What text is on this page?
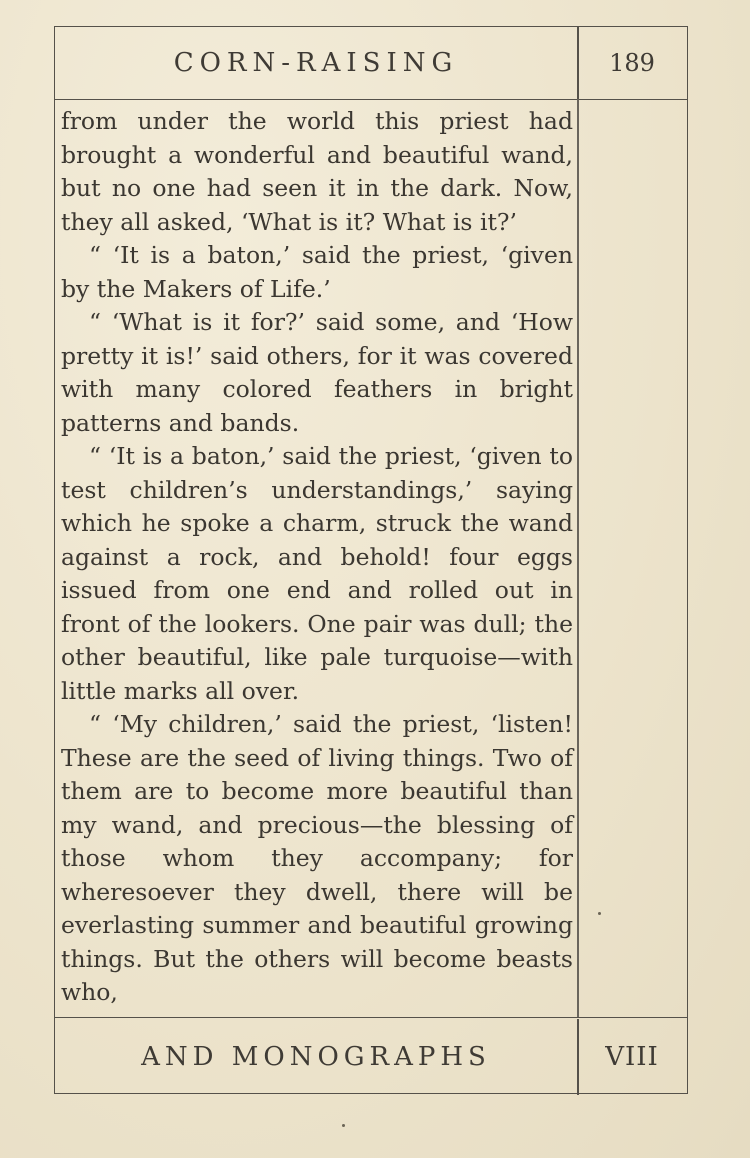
CORN-RAISING	189

from under the world this priest had brought a wonderful and beautiful wand, but no one had seen it in the dark. Now, they all asked, ‘What is it? What is it?’

“ ‘It is a baton,’ said the priest, ‘given by the Makers of Life.’

“ ‘What is it for?’ said some, and ‘How pretty it is!’ said others, for it was covered with many colored feathers in bright patterns and bands.

“ ‘It is a baton,’ said the priest, ‘given to test children’s understandings,’ saying which he spoke a charm, struck the wand against a rock, and behold! four eggs issued from one end and rolled out in front of the lookers. One pair was dull; the other beautiful, like pale turquoise—with little marks all over.

“ ‘My children,’ said the priest, ‘listen! These are the seed of living things. Two of them are to become more beautiful than my wand, and precious—the blessing of those whom they accompany; for wheresoever they dwell, there will be everlasting summer and beautiful growing things. But the others will become beasts who,

AND MONOGRAPHS	VIII
